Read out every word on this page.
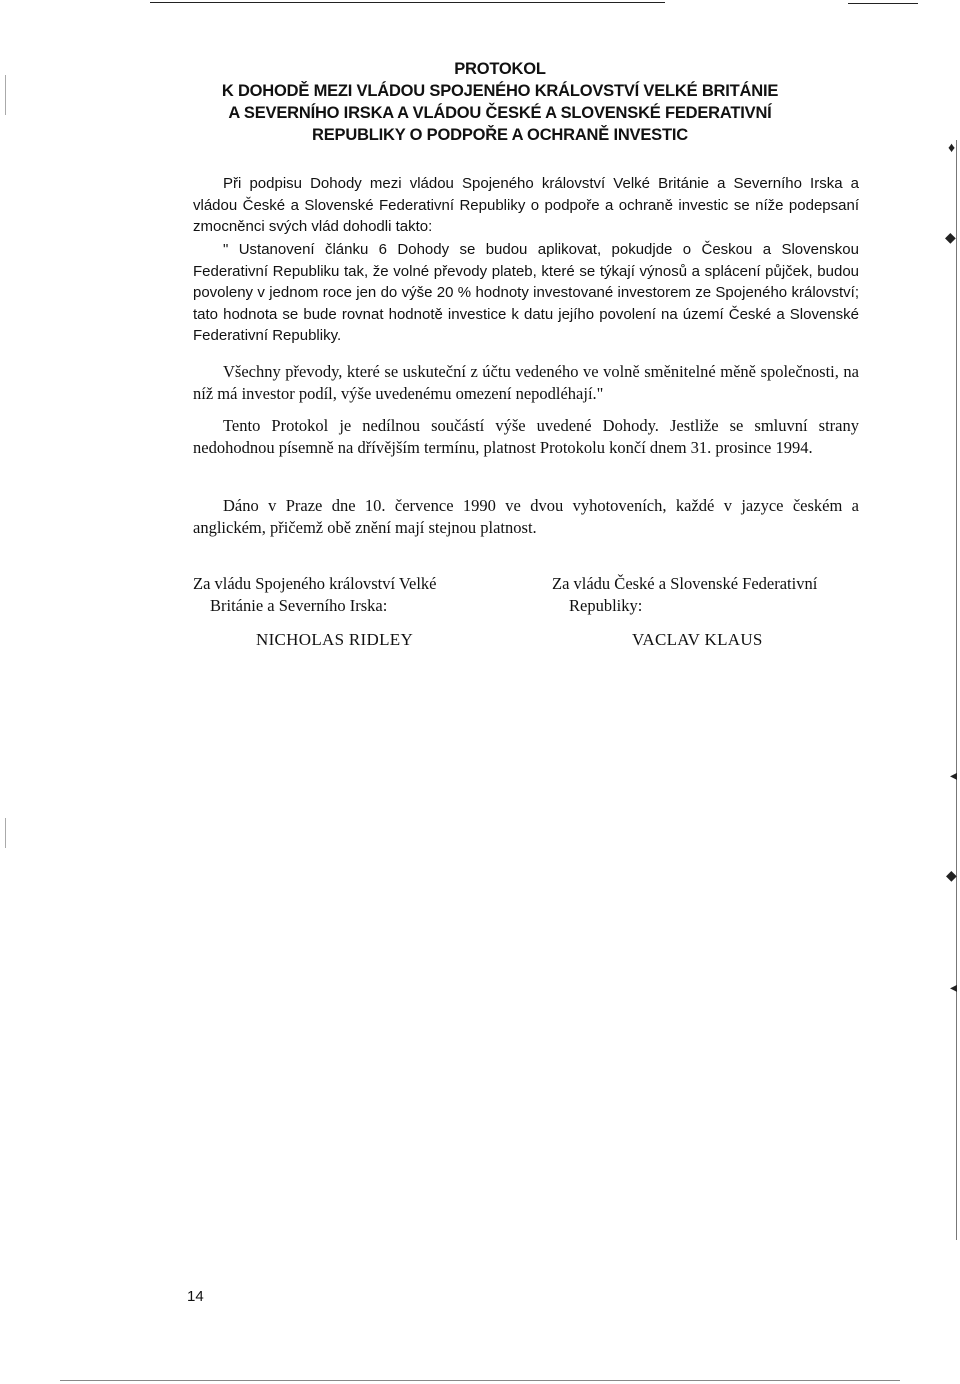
♦
◆
◂
◆
◂
PROTOKOL
K DOHODĚ MEZI VLÁDOU SPOJENÉHO KRÁLOVSTVÍ VELKÉ BRITÁNIE
A SEVERNÍHO IRSKA A VLÁDOU ČESKÉ A SLOVENSKÉ FEDERATIVNÍ
REPUBLIKY O PODPOŘE A OCHRANĚ INVESTIC

Při podpisu Dohody mezi vládou Spojeného království Velké Británie a Severního Irska a vládou České a Slovenské Federativní Republiky o podpoře a ochraně investic se níže podepsaní zmocněnci svých vlád dohodli takto:

" Ustanovení článku 6 Dohody se budou aplikovat, pokudjde o Českou a Slovenskou Federativní Republiku tak, že volné převody plateb, které se týkají výnosů a splácení půjček, budou povoleny v jednom roce jen do výše 20 % hodnoty investované investorem ze Spojeného království; tato hodnota se bude rovnat hodnotě investice k datu jejího povolení na území České a Slovenské Federativní Republiky.

Všechny převody, které se uskuteční z účtu vedeného ve volně směnitelné měně společnosti, na níž má investor podíl, výše uvedenému omezení nepodléhají."

Tento Protokol je nedílnou součástí výše uvedené Dohody. Jestliže se smluvní strany nedohodnou písemně na dřívějším termínu, platnost Protokolu končí dnem 31. prosince 1994.

Dáno v Praze dne 10. července 1990 ve dvou vyhotoveních, každé v jazyce českém a anglickém, přičemž obě znění mají stejnou platnost.

Za vládu Spojeného království Velké
Británie a Severního Irska:
Za vládu České a Slovenské Federativní
Republiky:
NICHOLAS RIDLEY	VACLAV KLAUS
14
